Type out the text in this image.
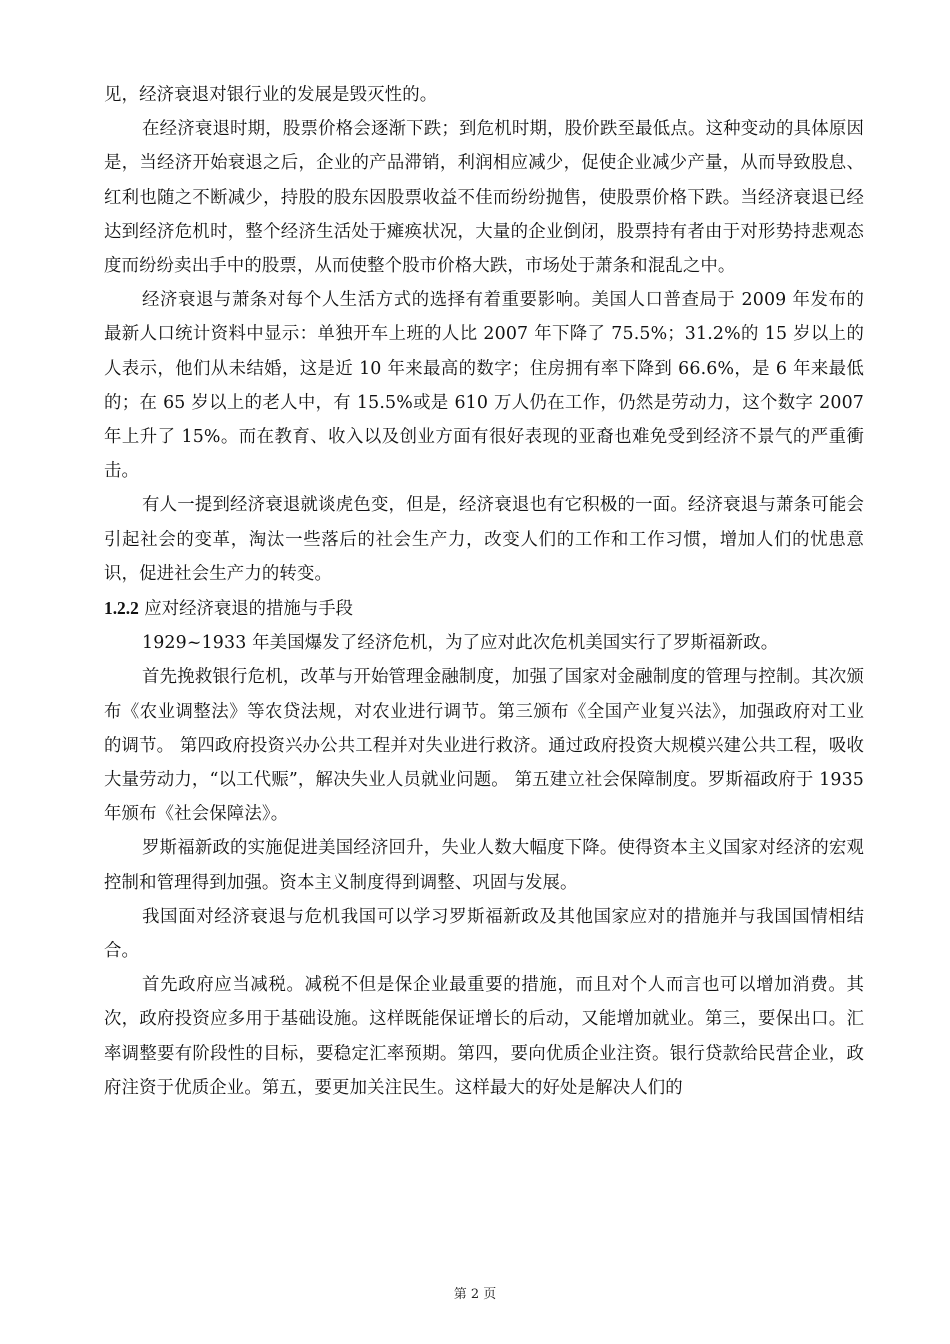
见，经济衰退对银行业的发展是毁灭性的。

在经济衰退时期，股票价格会逐渐下跌；到危机时期，股价跌至最低点。这种变动的具体原因是，当经济开始衰退之后，企业的产品滞销，利润相应减少，促使企业减少产量，从而导致股息、红利也随之不断减少，持股的股东因股票收益不佳而纷纷抛售，使股票价格下跌。当经济衰退已经达到经济危机时，整个经济生活处于瘫痪状况，大量的企业倒闭，股票持有者由于对形势持悲观态度而纷纷卖出手中的股票，从而使整个股市价格大跌，市场处于萧条和混乱之中。

经济衰退与萧条对每个人生活方式的选择有着重要影响。美国人口普查局于 2009 年发布的最新人口统计资料中显示：单独开车上班的人比 2007 年下降了 75.5%；31.2%的 15 岁以上的人表示，他们从未结婚，这是近 10 年来最高的数字；住房拥有率下降到 66.6%，是 6 年来最低的；在 65 岁以上的老人中，有 15.5%或是 610 万人仍在工作，仍然是劳动力，这个数字 2007 年上升了 15%。而在教育、收入以及创业方面有很好表现的亚裔也难免受到经济不景气的严重衝击。

有人一提到经济衰退就谈虎色变，但是，经济衰退也有它积极的一面。经济衰退与萧条可能会引起社会的变革，淘汰一些落后的社会生产力，改变人们的工作和工作习惯，增加人们的忧患意识，促进社会生产力的转变。

1.2.2 应对经济衰退的措施与手段

1929~1933 年美国爆发了经济危机，为了应对此次危机美国实行了罗斯福新政。

首先挽救银行危机，改革与开始管理金融制度，加强了国家对金融制度的管理与控制。其次颁布《农业调整法》等农贷法规，对农业进行调节。第三颁布《全国产业复兴法》，加强政府对工业的调节。 第四政府投资兴办公共工程并对失业进行救济。通过政府投资大规模兴建公共工程，吸收大量劳动力，“以工代赈”，解决失业人员就业问题。 第五建立社会保障制度。罗斯福政府于 1935 年颁布《社会保障法》。

罗斯福新政的实施促进美国经济回升，失业人数大幅度下降。使得资本主义国家对经济的宏观控制和管理得到加强。资本主义制度得到调整、巩固与发展。

我国面对经济衰退与危机我国可以学习罗斯福新政及其他国家应对的措施并与我国国情相结合。

首先政府应当减税。减税不但是保企业最重要的措施，而且对个人而言也可以增加消费。其次，政府投资应多用于基础设施。这样既能保证增长的后动，又能增加就业。第三，要保出口。汇率调整要有阶段性的目标，要稳定汇率预期。第四，要向优质企业注资。银行贷款给民营企业，政府注资于优质企业。第五，要更加关注民生。这样最大的好处是解决人们的

第 2 页
